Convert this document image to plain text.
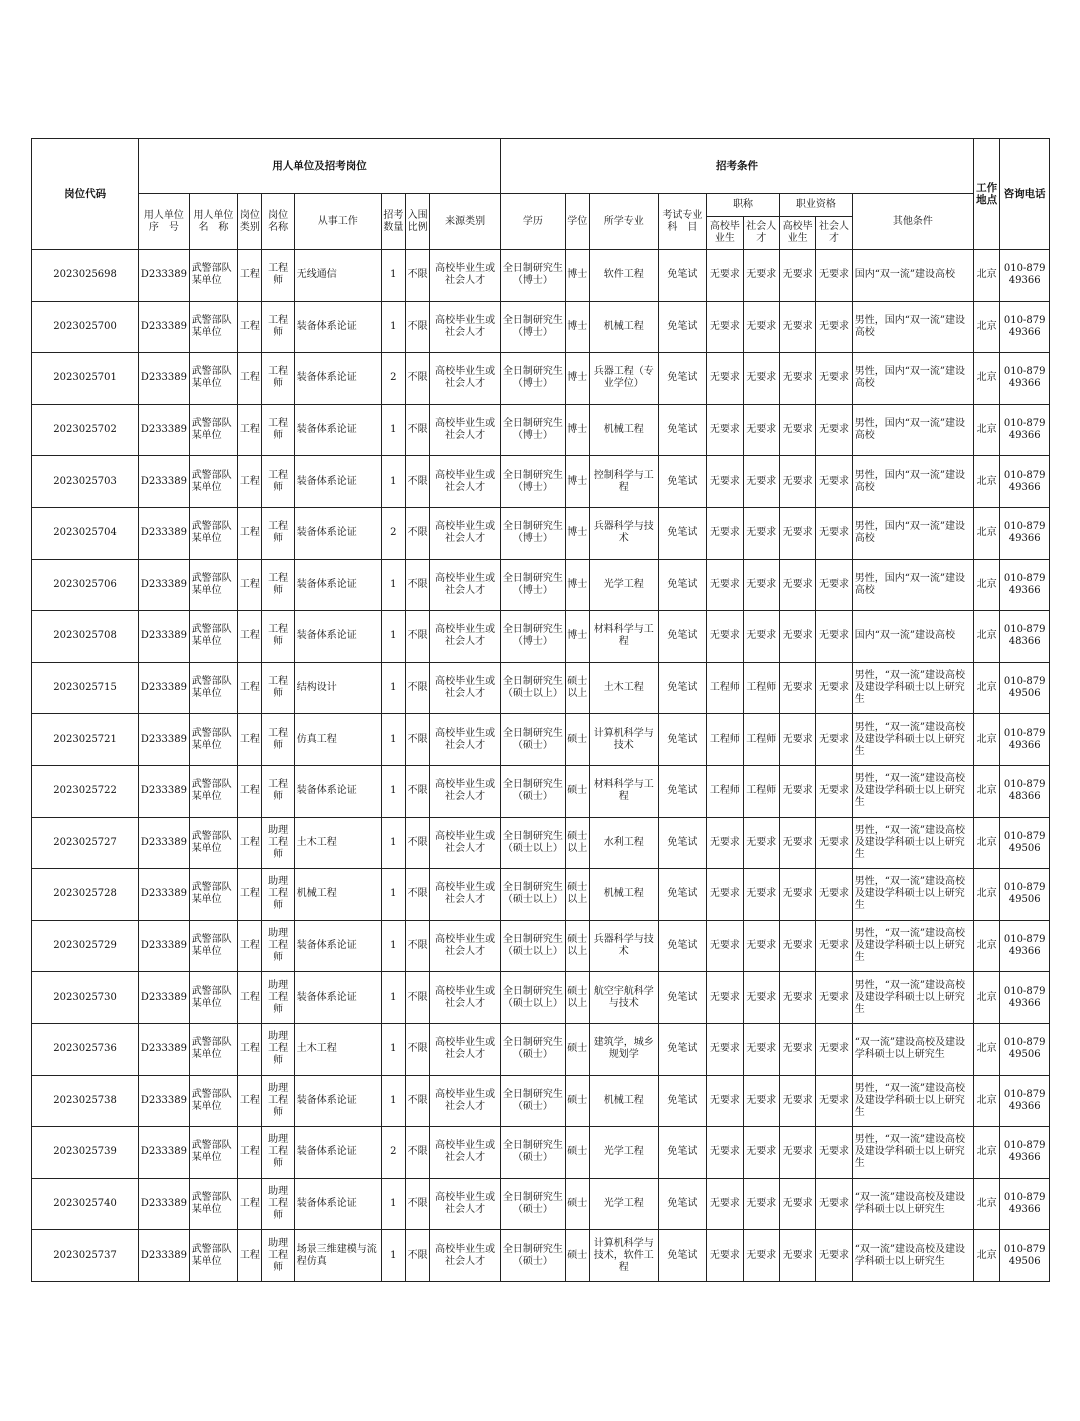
岗位代码	用人单位及招考岗位								招考条件									工作地点	咨询电话
	用人单位序　号	用人单位名　称	岗位类别	岗位名称	从事工作	招考数量	入围比例	来源类别	学历	学位	所学专业	考试专业科　目	职称		职业资格		其他条件		
													高校毕业生	社会人才	高校毕业生	社会人才			
2023025698	D233389	武警部队某单位	工程	工程师	无线通信	1	不限	高校毕业生或社会人才	全日制研究生（博士）	博士	软件工程	免笔试	无要求	无要求	无要求	无要求	国内“双一流”建设高校	北京	010-87949366
2023025700	D233389	武警部队某单位	工程	工程师	装备体系论证	1	不限	高校毕业生或社会人才	全日制研究生（博士）	博士	机械工程	免笔试	无要求	无要求	无要求	无要求	男性，国内“双一流”建设高校	北京	010-87949366
2023025701	D233389	武警部队某单位	工程	工程师	装备体系论证	2	不限	高校毕业生或社会人才	全日制研究生（博士）	博士	兵器工程（专业学位）	免笔试	无要求	无要求	无要求	无要求	男性，国内“双一流”建设高校	北京	010-87949366
2023025702	D233389	武警部队某单位	工程	工程师	装备体系论证	1	不限	高校毕业生或社会人才	全日制研究生（博士）	博士	机械工程	免笔试	无要求	无要求	无要求	无要求	男性，国内“双一流”建设高校	北京	010-87949366
2023025703	D233389	武警部队某单位	工程	工程师	装备体系论证	1	不限	高校毕业生或社会人才	全日制研究生（博士）	博士	控制科学与工程	免笔试	无要求	无要求	无要求	无要求	男性，国内“双一流”建设高校	北京	010-87949366
2023025704	D233389	武警部队某单位	工程	工程师	装备体系论证	2	不限	高校毕业生或社会人才	全日制研究生（博士）	博士	兵器科学与技术	免笔试	无要求	无要求	无要求	无要求	男性，国内“双一流”建设高校	北京	010-87949366
2023025706	D233389	武警部队某单位	工程	工程师	装备体系论证	1	不限	高校毕业生或社会人才	全日制研究生（博士）	博士	光学工程	免笔试	无要求	无要求	无要求	无要求	男性，国内“双一流”建设高校	北京	010-87949366
2023025708	D233389	武警部队某单位	工程	工程师	装备体系论证	1	不限	高校毕业生或社会人才	全日制研究生（博士）	博士	材料科学与工程	免笔试	无要求	无要求	无要求	无要求	国内“双一流”建设高校	北京	010-87948366
2023025715	D233389	武警部队某单位	工程	工程师	结构设计	1	不限	高校毕业生或社会人才	全日制研究生（硕士以上）	硕士以上	土木工程	免笔试	工程师	工程师	无要求	无要求	男性，“双一流”建设高校及建设学科硕士以上研究生	北京	010-87949506
2023025721	D233389	武警部队某单位	工程	工程师	仿真工程	1	不限	高校毕业生或社会人才	全日制研究生（硕士）	硕士	计算机科学与技术	免笔试	工程师	工程师	无要求	无要求	男性，“双一流”建设高校及建设学科硕士以上研究生	北京	010-87949366
2023025722	D233389	武警部队某单位	工程	工程师	装备体系论证	1	不限	高校毕业生或社会人才	全日制研究生（硕士）	硕士	材料科学与工程	免笔试	工程师	工程师	无要求	无要求	男性，“双一流”建设高校及建设学科硕士以上研究生	北京	010-87948366
2023025727	D233389	武警部队某单位	工程	助理工程师	土木工程	1	不限	高校毕业生或社会人才	全日制研究生（硕士以上）	硕士以上	水利工程	免笔试	无要求	无要求	无要求	无要求	男性，“双一流”建设高校及建设学科硕士以上研究生	北京	010-87949506
2023025728	D233389	武警部队某单位	工程	助理工程师	机械工程	1	不限	高校毕业生或社会人才	全日制研究生（硕士以上）	硕士以上	机械工程	免笔试	无要求	无要求	无要求	无要求	男性，“双一流”建设高校及建设学科硕士以上研究生	北京	010-87949506
2023025729	D233389	武警部队某单位	工程	助理工程师	装备体系论证	1	不限	高校毕业生或社会人才	全日制研究生（硕士以上）	硕士以上	兵器科学与技术	免笔试	无要求	无要求	无要求	无要求	男性，“双一流”建设高校及建设学科硕士以上研究生	北京	010-87949366
2023025730	D233389	武警部队某单位	工程	助理工程师	装备体系论证	1	不限	高校毕业生或社会人才	全日制研究生（硕士以上）	硕士以上	航空宇航科学与技术	免笔试	无要求	无要求	无要求	无要求	男性，“双一流”建设高校及建设学科硕士以上研究生	北京	010-87949366
2023025736	D233389	武警部队某单位	工程	助理工程师	土木工程	1	不限	高校毕业生或社会人才	全日制研究生（硕士）	硕士	建筑学，城乡规划学	免笔试	无要求	无要求	无要求	无要求	“双一流”建设高校及建设学科硕士以上研究生	北京	010-87949506
2023025738	D233389	武警部队某单位	工程	助理工程师	装备体系论证	1	不限	高校毕业生或社会人才	全日制研究生（硕士）	硕士	机械工程	免笔试	无要求	无要求	无要求	无要求	男性，“双一流”建设高校及建设学科硕士以上研究生	北京	010-87949366
2023025739	D233389	武警部队某单位	工程	助理工程师	装备体系论证	2	不限	高校毕业生或社会人才	全日制研究生（硕士）	硕士	光学工程	免笔试	无要求	无要求	无要求	无要求	男性，“双一流”建设高校及建设学科硕士以上研究生	北京	010-87949366
2023025740	D233389	武警部队某单位	工程	助理工程师	装备体系论证	1	不限	高校毕业生或社会人才	全日制研究生（硕士）	硕士	光学工程	免笔试	无要求	无要求	无要求	无要求	“双一流”建设高校及建设学科硕士以上研究生	北京	010-87949366
2023025737	D233389	武警部队某单位	工程	助理工程师	场景三维建模与流程仿真	1	不限	高校毕业生或社会人才	全日制研究生（硕士）	硕士	计算机科学与技术，软件工程	免笔试	无要求	无要求	无要求	无要求	“双一流”建设高校及建设学科硕士以上研究生	北京	010-87949506
